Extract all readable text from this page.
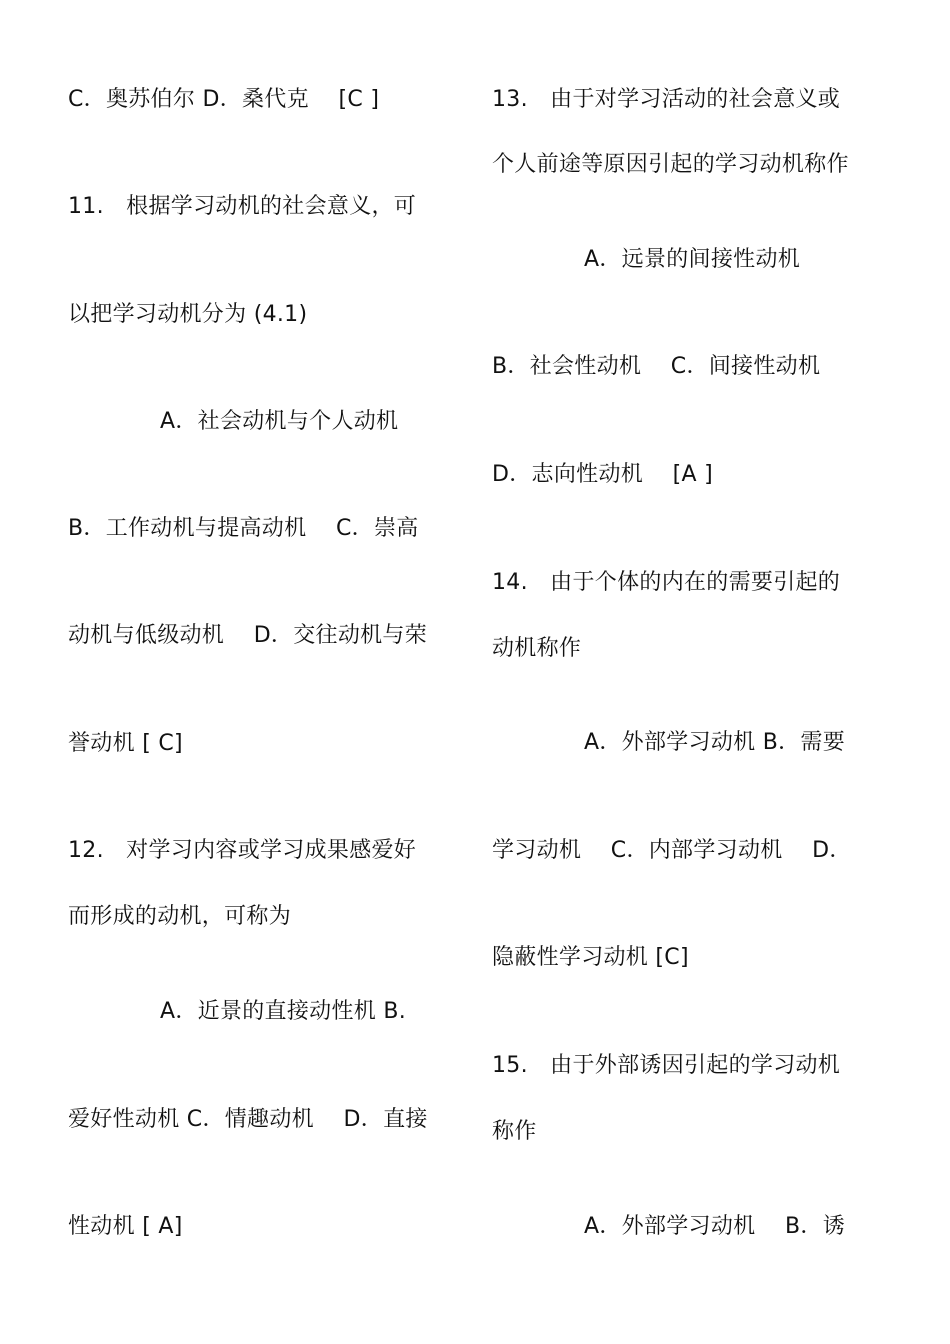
C．奥苏伯尔 D．桑代克　 [C ]
11.　根据学习动机的社会意义，可
以把学习动机分为 (4.1)
A．社会动机与个人动机
B．工作动机与提高动机　 C．崇高
动机与低级动机　 D．交往动机与荣
誉动机 [ C]
12.　对学习内容或学习成果感爱好
而形成的动机，可称为
A．近景的直接动性机 B.
爱好性动机 C．情趣动机　 D．直接
性动机 [ A]
13.　由于对学习活动的社会意义或
个人前途等原因引起的学习动机称作
A．远景的间接性动机
B．社会性动机　 C．间接性动机
D．志向性动机　 [A ]
14.　由于个体的内在的需要引起的
动机称作
A．外部学习动机 B．需要
学习动机　 C．内部学习动机　 D．
隐蔽性学习动机 [C]
15.　由于外部诱因引起的学习动机
称作
A．外部学习动机　 B．诱
